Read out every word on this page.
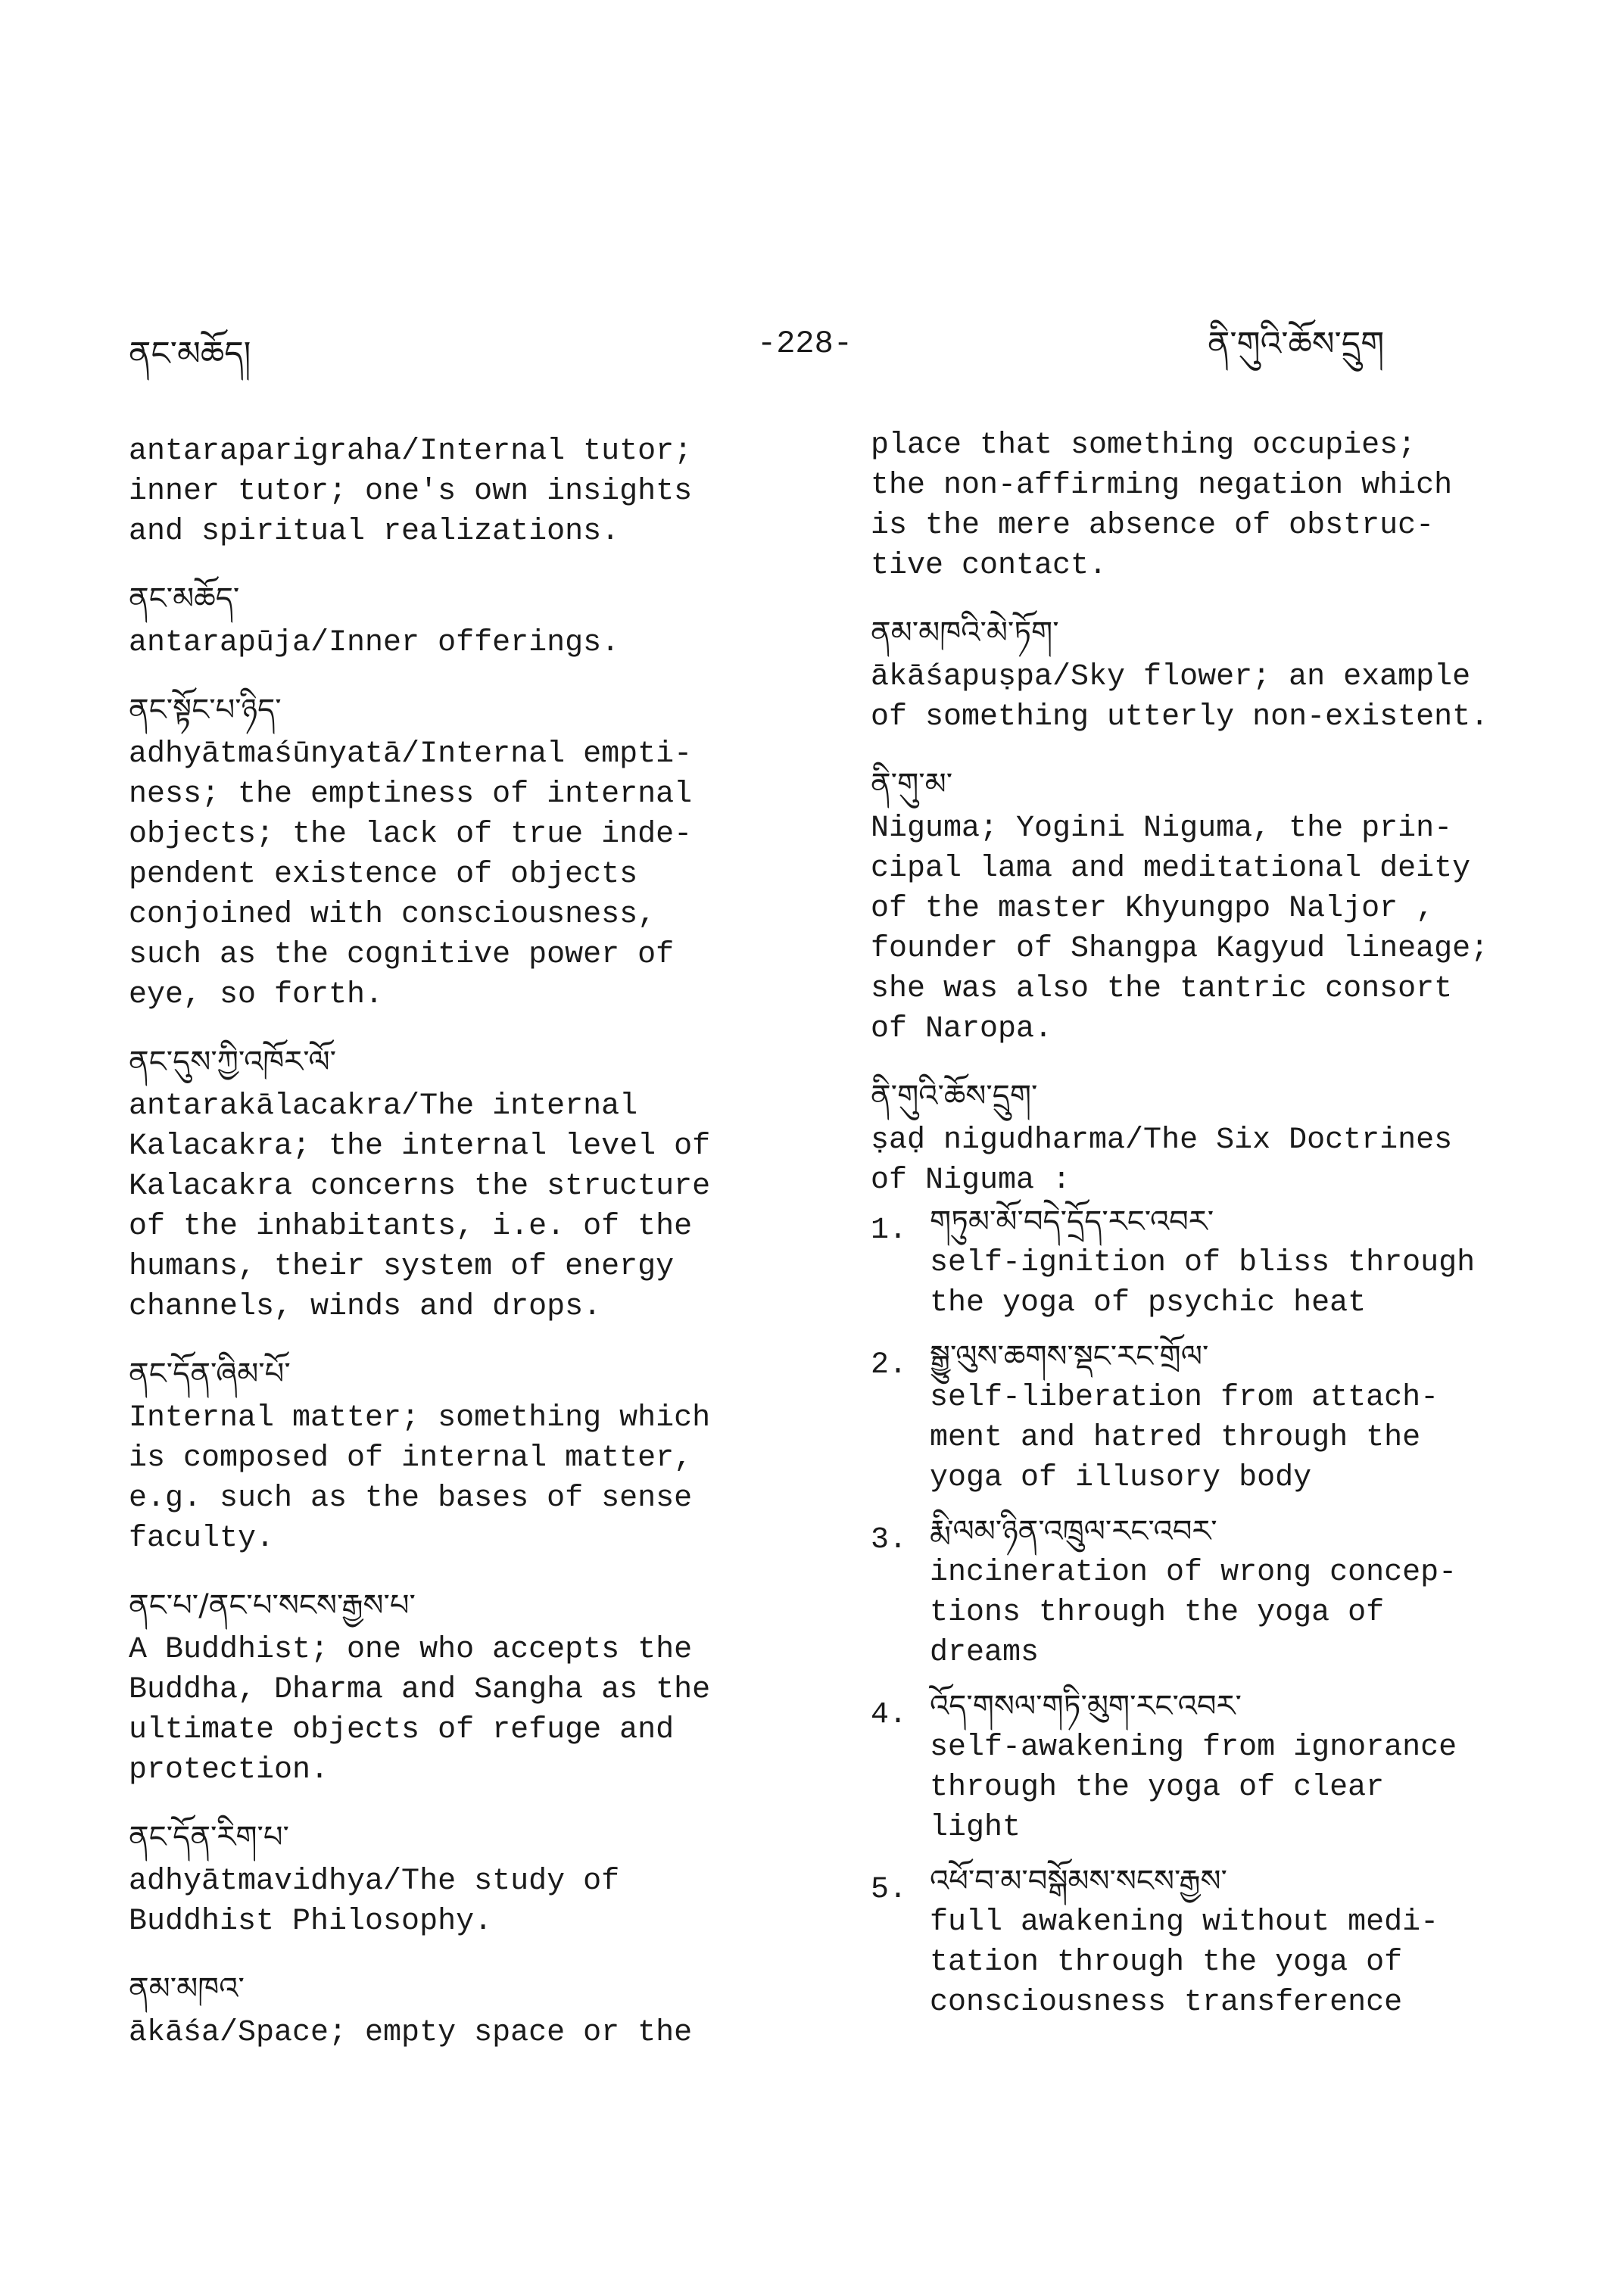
ནང་མཆོད།	-228-	ནི་གུའི་ཆོས་དྲུག
antaraparigraha/Internal tutor;
inner tutor; one's own insights
and spiritual realizations.
ནང་མཆོད་
antarapūja/Inner offerings.
ནང་སྟོང་པ་ཉིད་
adhyātmaśūnyatā/Internal empti-
ness; the emptiness of internal
objects; the lack of true inde-
pendent existence of objects
conjoined with consciousness,
such as the cognitive power of
eye, so forth.
ནང་དུས་ཀྱི་འཁོར་ལོ་
antarakālacakra/The internal
Kalacakra; the internal level of
Kalacakra concerns the structure
of the inhabitants, i.e. of the
humans, their system of energy
channels, winds and drops.
ནང་དོན་ཞིམ་པོ་
Internal matter; something which
is composed of internal matter,
e.g. such as the bases of sense
faculty.
ནང་པ་/ནང་པ་སངས་རྒྱས་པ་
A Buddhist; one who accepts the
Buddha, Dharma and Sangha as the
ultimate objects of refuge and
protection.
ནང་དོན་རིག་པ་
adhyātmavidhya/The study of
Buddhist Philosophy.
ནམ་མཁའ་
ākāśa/Space; empty space or the
place that something occupies;
the non-affirming negation which
is the mere absence of obstruc-
tive contact.
ནམ་མཁའི་མེ་ཏོག་
ākāśapuṣpa/Sky flower; an example
of something utterly non-existent.
ནི་གུ་མ་
Niguma; Yogini Niguma, the prin-
cipal lama and meditational deity
of the master Khyungpo Naljor ,
founder of Shangpa Kagyud lineage;
she was also the tantric consort
of Naropa.
ནི་གུའི་ཆོས་དྲུག་
ṣaḍ nigudharma/The Six Doctrines
of Niguma :
1. གཏུམ་མོ་བདེ་དྲོད་རང་འབར་
self-ignition of bliss through
the yoga of psychic heat
2. སྒྱུ་ལུས་ཆགས་སྡང་རང་གྲོལ་
self-liberation from attach-
ment and hatred through the
yoga of illusory body
3. རྨི་ལམ་ཉིན་འཁྲུལ་རང་འབར་
incineration of wrong concep-
tions through the yoga of
dreams
4. འོད་གསལ་གཏི་མུག་རང་འབར་
self-awakening from ignorance
through the yoga of clear
light
5. འཕོ་བ་མ་བསྒོམས་སངས་རྒྱས་
full awakening without medi-
tation through the yoga of
consciousness transference
